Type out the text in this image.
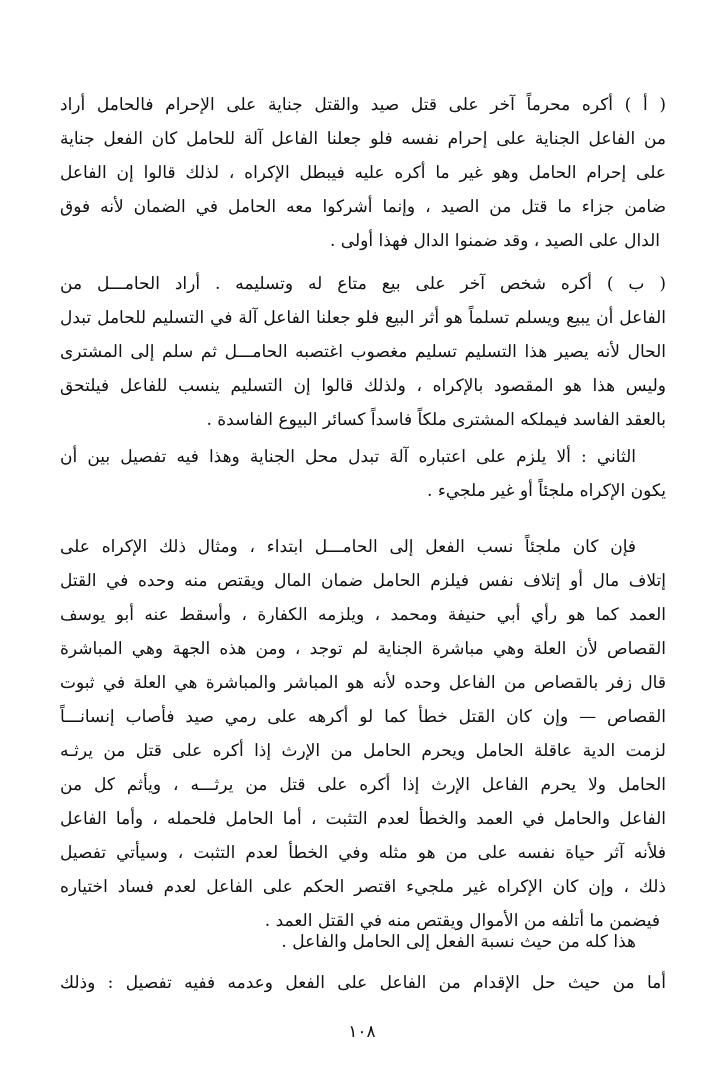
( أ ) أكره محرماً آخر على قتل صيد والقتل جناية على الإحرام فالحامل أراد
من الفاعل الجناية على إحرام نفسه فلو جعلنا الفاعل آلة للحامل كان الفعل جناية
على إحرام الحامل وهو غير ما أكره عليه فيبطل الإكراه ، لذلك قالوا إن الفاعل
ضامن جزاء ما قتل من الصيد ، وإنما أشركوا معه الحامل في الضمان لأنه فوق
الدال على الصيد ، وقد ضمنوا الدال فهذا أولى .
( ب ) أكره شخص آخر على بيع متاع له وتسليمه . أراد الحامـــل من
الفاعل أن يبيع ويسلم تسلماً هو أثر البيع فلو جعلنا الفاعل آلة في التسليم للحامل تبدل
الحال لأنه يصير هذا التسليم تسليم مغصوب اغتصبه الحامـــل ثم سلم إلى المشترى
وليس هذا هو المقصود بالإكراه ، ولذلك قالوا إن التسليم ينسب للفاعل فيلتحق
بالعقد الفاسد فيملكه المشترى ملكاً فاسداً كسائر البيوع الفاسدة .
الثاني : ألا يلزم على اعتباره آلة تبدل محل الجناية وهذا فيه تفصيل بين أن
يكون الإكراه ملجئاً أو غير ملجيء .
فإن كان ملجئاً نسب الفعل إلى الحامـــل ابتداء ، ومثال ذلك الإكراه على
إتلاف مال أو إتلاف نفس فيلزم الحامل ضمان المال ويقتص منه وحده في القتل
العمد كما هو رأي أبي حنيفة ومحمد ، ويلزمه الكفارة ، وأسقط عنه أبو يوسف
القصاص لأن العلة وهي مباشرة الجناية لم توجد ، ومن هذه الجهة وهي المباشرة
قال زفر بالقصاص من الفاعل وحده لأنه هو المباشر والمباشرة هي العلة في ثبوت
القصاص — وإن كان القتل خطأ كما لو أكرهه على رمي صيد فأصاب إنسانـــاً
لزمت الدية عاقلة الحامل ويحرم الحامل من الإرث إذا أكره على قتل من يرثـه
الحامل ولا يحرم الفاعل الإرث إذا أكره على قتل من يرثـــه ، ويأثم كل من
الفاعل والحامل في العمد والخطأ لعدم التثبت ، أما الحامل فلحمله ، وأما الفاعل
فلأنه آثر حياة نفسه على من هو مثله وفي الخطأ لعدم التثبت ، وسيأتي تفصيل
ذلك ، وإن كان الإكراه غير ملجيء اقتصر الحكم على الفاعل لعدم فساد اختياره
فيضمن ما أتلفه من الأموال ويقتص منه في القتل العمد .
هذا كله من حيث نسبة الفعل إلى الحامل والفاعل .
أما من حيث حل الإقدام من الفاعل على الفعل وعدمه ففيه تفصيل : وذلك
١٠٨
